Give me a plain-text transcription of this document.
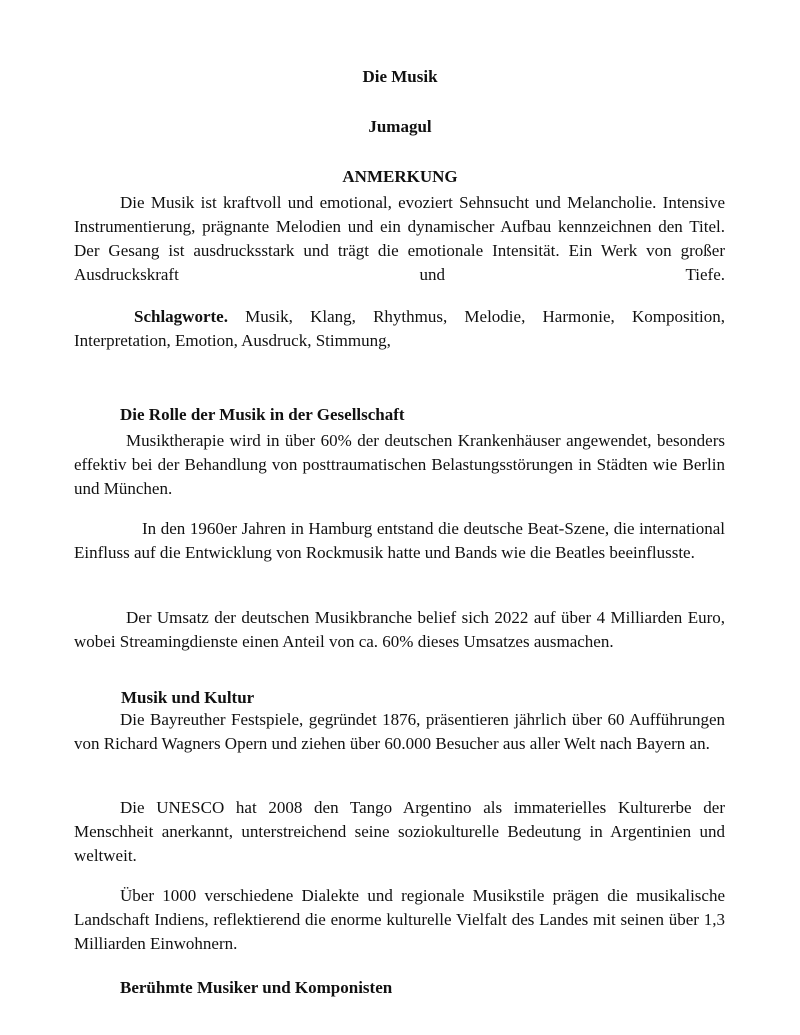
Die Musik
Jumagul
ANMERKUNG
Die Musik ist kraftvoll und emotional, evoziert Sehnsucht und Melancholie. Intensive Instrumentierung, prägnante Melodien und ein dynamischer Aufbau kennzeichnen den Titel. Der Gesang ist ausdrucksstark und trägt die emotionale Intensität. Ein Werk von großer Ausdruckskraft und Tiefe.
Schlagworte. Musik, Klang, Rhythmus, Melodie, Harmonie, Komposition, Interpretation, Emotion, Ausdruck, Stimmung,
Die Rolle der Musik in der Gesellschaft
Musiktherapie wird in über 60% der deutschen Krankenhäuser angewendet, besonders effektiv bei der Behandlung von posttraumatischen Belastungsstörungen in Städten wie Berlin und München.
In den 1960er Jahren in Hamburg entstand die deutsche Beat-Szene, die international Einfluss auf die Entwicklung von Rockmusik hatte und Bands wie die Beatles beeinflusste.
Der Umsatz der deutschen Musikbranche belief sich 2022 auf über 4 Milliarden Euro, wobei Streamingdienste einen Anteil von ca. 60% dieses Umsatzes ausmachen.
Musik und Kultur
Die Bayreuther Festspiele, gegründet 1876, präsentieren jährlich über 60 Aufführungen von Richard Wagners Opern und ziehen über 60.000 Besucher aus aller Welt nach Bayern an.
Die UNESCO hat 2008 den Tango Argentino als immaterielles Kulturerbe der Menschheit anerkannt, unterstreichend seine soziokulturelle Bedeutung in Argentinien und weltweit.
Über 1000 verschiedene Dialekte und regionale Musikstile prägen die musikalische Landschaft Indiens, reflektierend die enorme kulturelle Vielfalt des Landes mit seinen über 1,3 Milliarden Einwohnern.
Berühmte Musiker und Komponisten
